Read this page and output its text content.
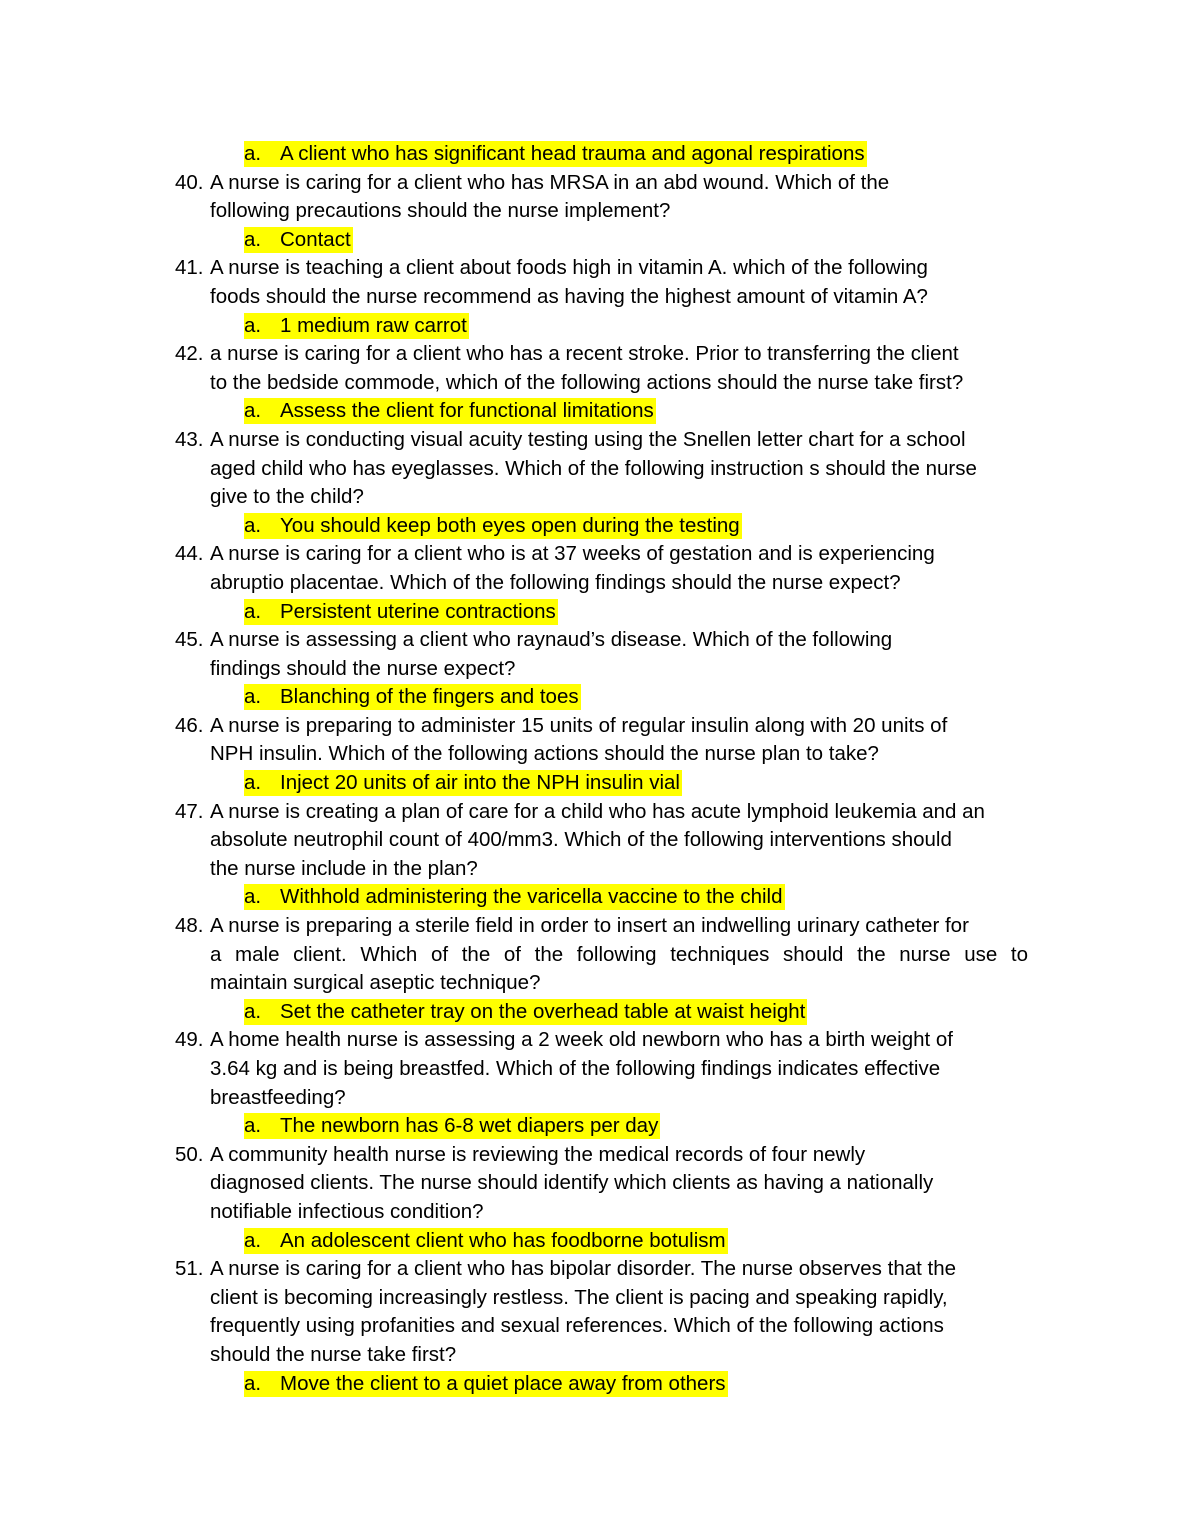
a. A client who has significant head trauma and agonal respirations
40. A nurse is caring for a client who has MRSA in an abd wound. Which of the
following precautions should the nurse implement?
a. Contact
41. A nurse is teaching a client about foods high in vitamin A. which of the following
foods should the nurse recommend as having the highest amount of vitamin A?
a. 1 medium raw carrot
42. a nurse is caring for a client who has a recent stroke. Prior to transferring the client
to the bedside commode, which of the following actions should the nurse take first?
a. Assess the client for functional limitations
43. A nurse is conducting visual acuity testing using the Snellen letter chart for a school
aged child who has eyeglasses. Which of the following instruction s should the nurse
give to the child?
a. You should keep both eyes open during the testing
44. A nurse is caring for a client who is at 37 weeks of gestation and is experiencing
abruptio placentae. Which of the following findings should the nurse expect?
a. Persistent uterine contractions
45. A nurse is assessing a client who raynaud’s disease. Which of the following
findings should the nurse expect?
a. Blanching of the fingers and toes
46. A nurse is preparing to administer 15 units of regular insulin along with 20 units of
NPH insulin. Which of the following actions should the nurse plan to take?
a. Inject 20 units of air into the NPH insulin vial
47. A nurse is creating a plan of care for a child who has acute lymphoid leukemia and an
absolute neutrophil count of 400/mm3. Which of the following interventions should
the nurse include in the plan?
a. Withhold administering the varicella vaccine to the child
48. A nurse is preparing a sterile field in order to insert an indwelling urinary catheter for
a male client. Which of the of the following techniques should the nurse use to
maintain surgical aseptic technique?
a. Set the catheter tray on the overhead table at waist height
49. A home health nurse is assessing a 2 week old newborn who has a birth weight of
3.64 kg and is being breastfed. Which of the following findings indicates effective
breastfeeding?
a. The newborn has 6-8 wet diapers per day
50. A community health nurse is reviewing the medical records of four newly
diagnosed clients. The nurse should identify which clients as having a nationally
notifiable infectious condition?
a. An adolescent client who has foodborne botulism
51. A nurse is caring for a client who has bipolar disorder. The nurse observes that the
client is becoming increasingly restless. The client is pacing and speaking rapidly,
frequently using profanities and sexual references. Which of the following actions
should the nurse take first?
a. Move the client to a quiet place away from others
